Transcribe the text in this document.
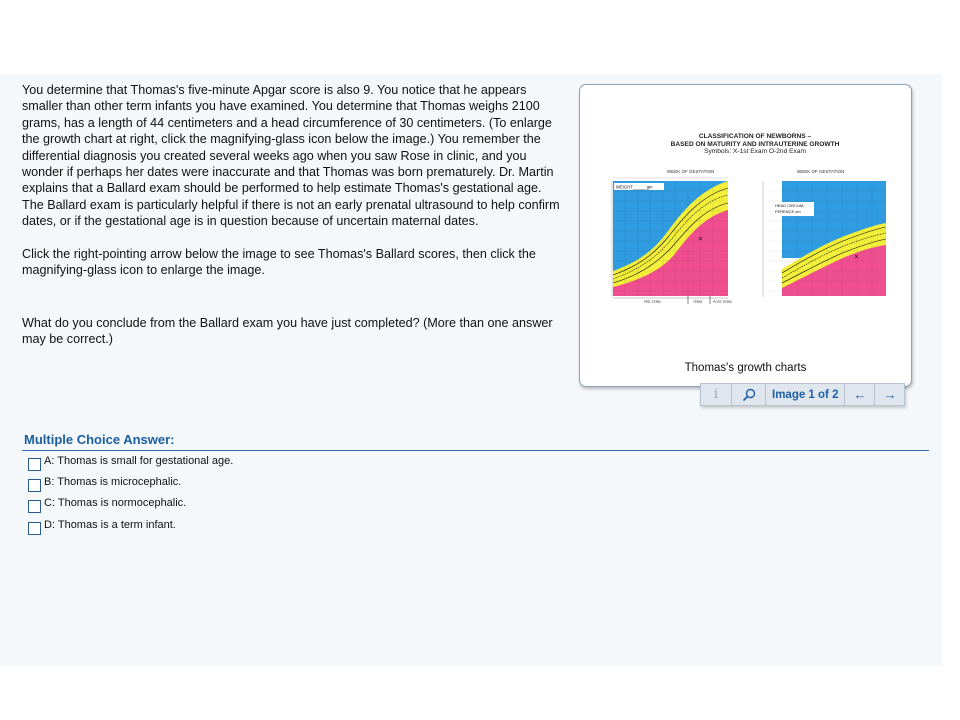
You determine that Thomas's five-minute Apgar score is also 9. You notice that he appears smaller than other term infants you have examined. You determine that Thomas weighs 2100 grams, has a length of 44 centimeters and a head circumference of 30 centimeters. (To enlarge the growth chart at right, click the magnifying-glass icon below the image.) You remember the differential diagnosis you created several weeks ago when you saw Rose in clinic, and you wonder if perhaps her dates were inaccurate and that Thomas was born prematurely. Dr. Martin explains that a Ballard exam should be performed to help estimate Thomas's gestational age. The Ballard exam is particularly helpful if there is not an early prenatal ultrasound to help confirm dates, or if the gestational age is in question because of uncertain maternal dates.

Click the right-pointing arrow below the image to see Thomas's Ballard scores, then click the magnifying-glass icon to enlarge the image.

What do you conclude from the Ballard exam you have just completed? (More than one answer may be correct.)

CLASSIFICATION OF NEWBORNS –
BASED ON MATURITY AND INTRAUTERINE GROWTH
Symbols: X-1st Exam O-2nd Exam
WEEK OF GESTATION
WEIGHT______gm
PRE-TERM	TERM	POST-TERM
WEEK OF GESTATION
HEAD CIRCUM-
FERENCE cm
Thomas's growth charts
i	Image 1 of 2	← →
Multiple Choice Answer:
A: Thomas is small for gestational age.
B: Thomas is microcephalic.
C: Thomas is normocephalic.
D: Thomas is a term infant.
